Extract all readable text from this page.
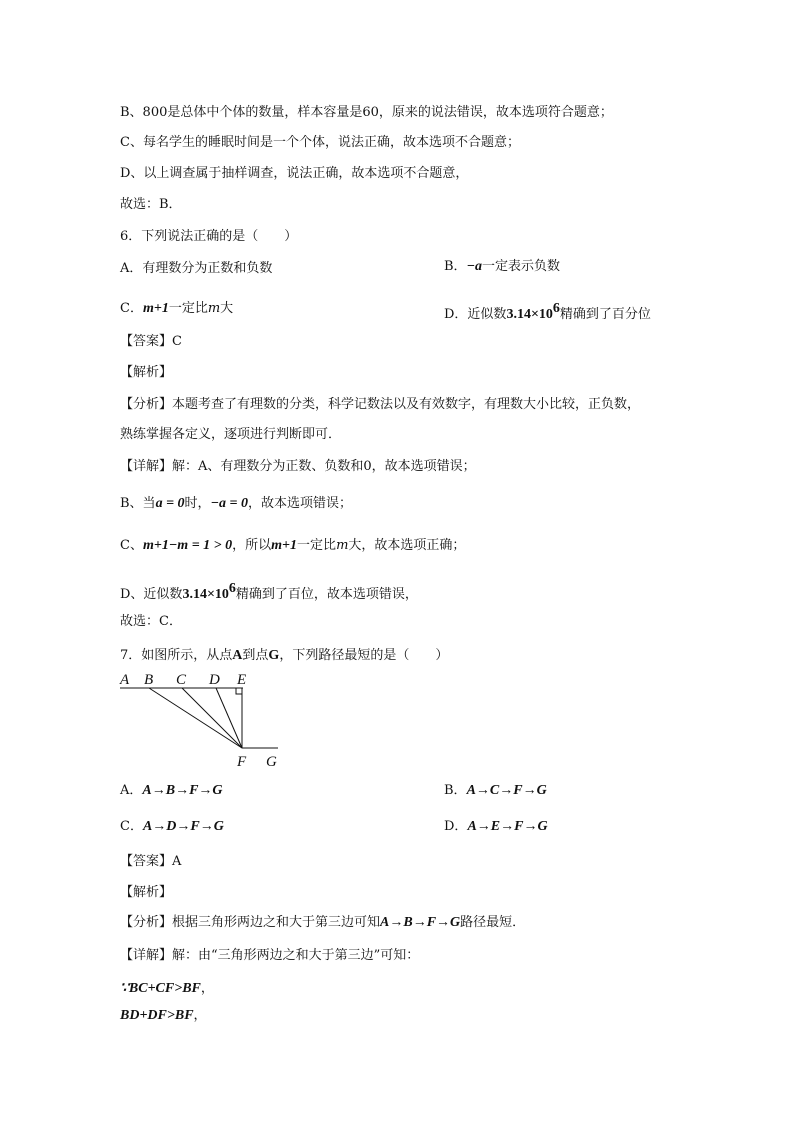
B、800是总体中个体的数量，样本容量是60，原来的说法错误，故本选项符合题意；
C、每名学生的睡眠时间是一个个体，说法正确，故本选项不合题意；
D、以上调查属于抽样调查，说法正确，故本选项不合题意，
故选：B．
6．下列说法正确的是（　　）
A．有理数分为正数和负数	B．−a一定表示负数
C．m+1一定比m大	D．近似数$3.14\times 10^6$精确到了百分位
【答案】C
【解析】
【分析】本题考查了有理数的分类，科学记数法以及有效数字，有理数大小比较，正负数，
熟练掌握各定义，逐项进行判断即可．
【详解】解：A、有理数分为正数、负数和0，故本选项错误；
B、当a = 0时，−a = 0，故本选项错误；
C、m+1−m = 1 > 0，所以m+1一定比m大，故本选项正确；
D、近似数$3.14\times 10^6$精确到了百位，故本选项错误，
故选：C．
7．如图所示，从点A到点G，下列路径最短的是（　　）
A B C D E
F G
A．A→B→F→G	B．A→C→F→G
C．A→D→F→G	D．A→E→F→G
【答案】A
【解析】
【分析】根据三角形两边之和大于第三边可知A→B→F→G路径最短．
【详解】解：由“三角形两边之和大于第三边”可知：
∵BC+CF>BF，
BD+DF>BF，
